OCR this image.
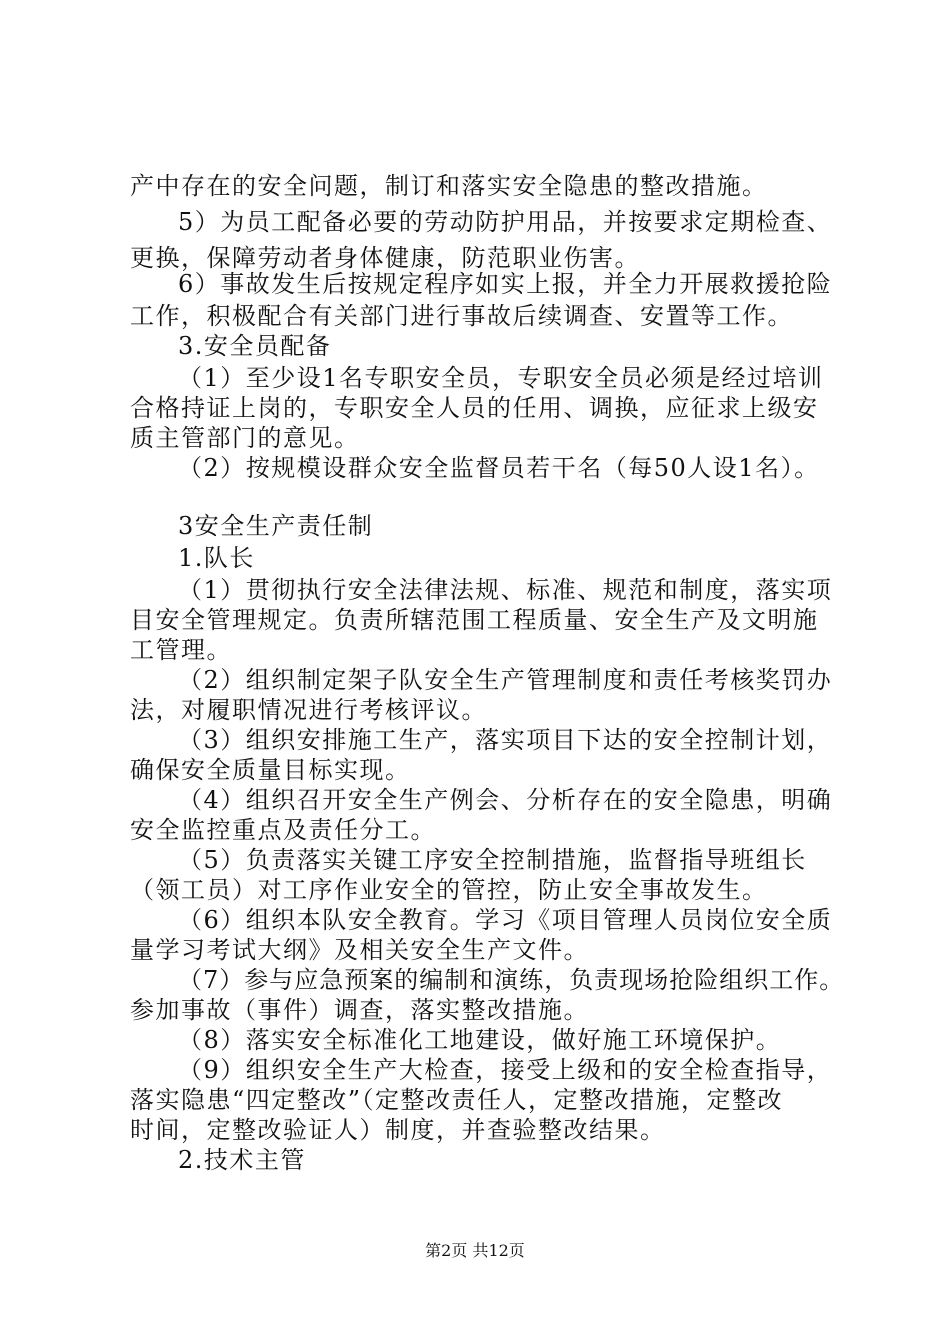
产中存在的安全问题，制订和落实安全隐患的整改措施。
5）为员工配备必要的劳动防护用品，并按要求定期检查、
更换，保障劳动者身体健康，防范职业伤害。
6）事故发生后按规定程序如实上报，并全力开展救援抢险
工作，积极配合有关部门进行事故后续调查、安置等工作。
3.安全员配备
（1）至少设1名专职安全员，专职安全员必须是经过培训
合格持证上岗的，专职安全人员的任用、调换，应征求上级安
质主管部门的意见。
（2）按规模设群众安全监督员若干名（每50人设1名）。
3安全生产责任制
1.队长
（1）贯彻执行安全法律法规、标准、规范和制度，落实项
目安全管理规定。负责所辖范围工程质量、安全生产及文明施
工管理。
（2）组织制定架子队安全生产管理制度和责任考核奖罚办
法，对履职情况进行考核评议。
（3）组织安排施工生产，落实项目下达的安全控制计划，
确保安全质量目标实现。
（4）组织召开安全生产例会、分析存在的安全隐患，明确
安全监控重点及责任分工。
（5）负责落实关键工序安全控制措施，监督指导班组长
（领工员）对工序作业安全的管控，防止安全事故发生。
（6）组织本队安全教育。学习《项目管理人员岗位安全质
量学习考试大纲》及相关安全生产文件。
（7）参与应急预案的编制和演练，负责现场抢险组织工作。
参加事故（事件）调查，落实整改措施。
（8）落实安全标准化工地建设，做好施工环境保护。
（9）组织安全生产大检查，接受上级和的安全检查指导，
落实隐患“四定整改”（定整改责任人，定整改措施，定整改
时间，定整改验证人）制度，并查验整改结果。
2.技术主管
第2页 共12页
